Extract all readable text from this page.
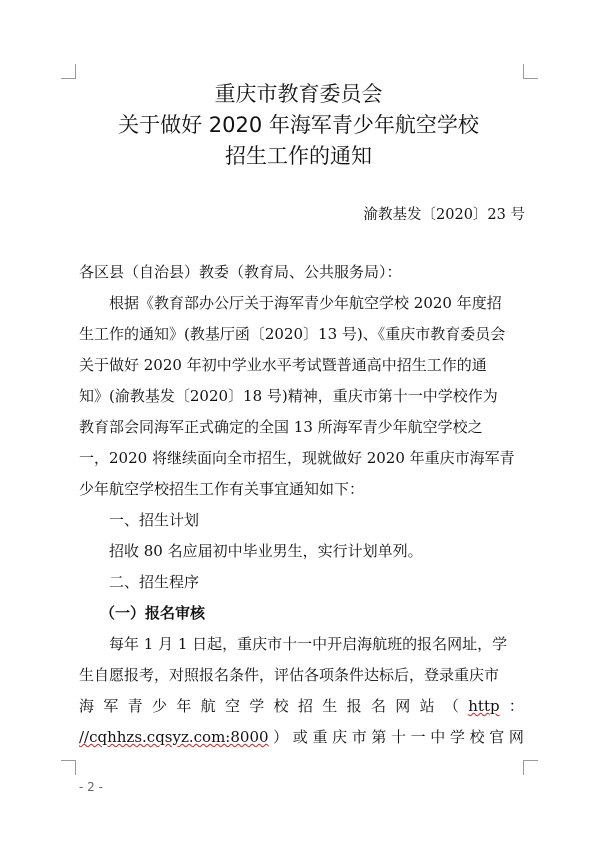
重庆市教育委员会
关于做好 2020 年海军青少年航空学校
招生工作的通知
渝教基发〔2020〕23 号
各区县（自治县）教委（教育局、公共服务局）：
根据《教育部办公厅关于海军青少年航空学校 2020 年度招
生工作的通知》(教基厅函〔2020〕13 号)、《重庆市教育委员会
关于做好 2020 年初中学业水平考试暨普通高中招生工作的通
知》(渝教基发〔2020〕18 号)精神，重庆市第十一中学校作为
教育部会同海军正式确定的全国 13 所海军青少年航空学校之
一，2020 将继续面向全市招生，现就做好 2020 年重庆市海军青
少年航空学校招生工作有关事宜通知如下：
一、招生计划
招收 80 名应届初中毕业男生，实行计划单列。
二、招生程序
（一）报名审核
每年 1 月 1 日起，重庆市十一中开启海航班的报名网址，学
生自愿报考，对照报名条件，评估各项条件达标后，登录重庆市
海 军 青 少 年 航 空 学 校 招 生 报 名 网 站 （ http ：
//cqhhzs.cqsyz.com:8000 ） 或 重 庆 市 第 十 一 中 学 校 官 网
- 2 -
